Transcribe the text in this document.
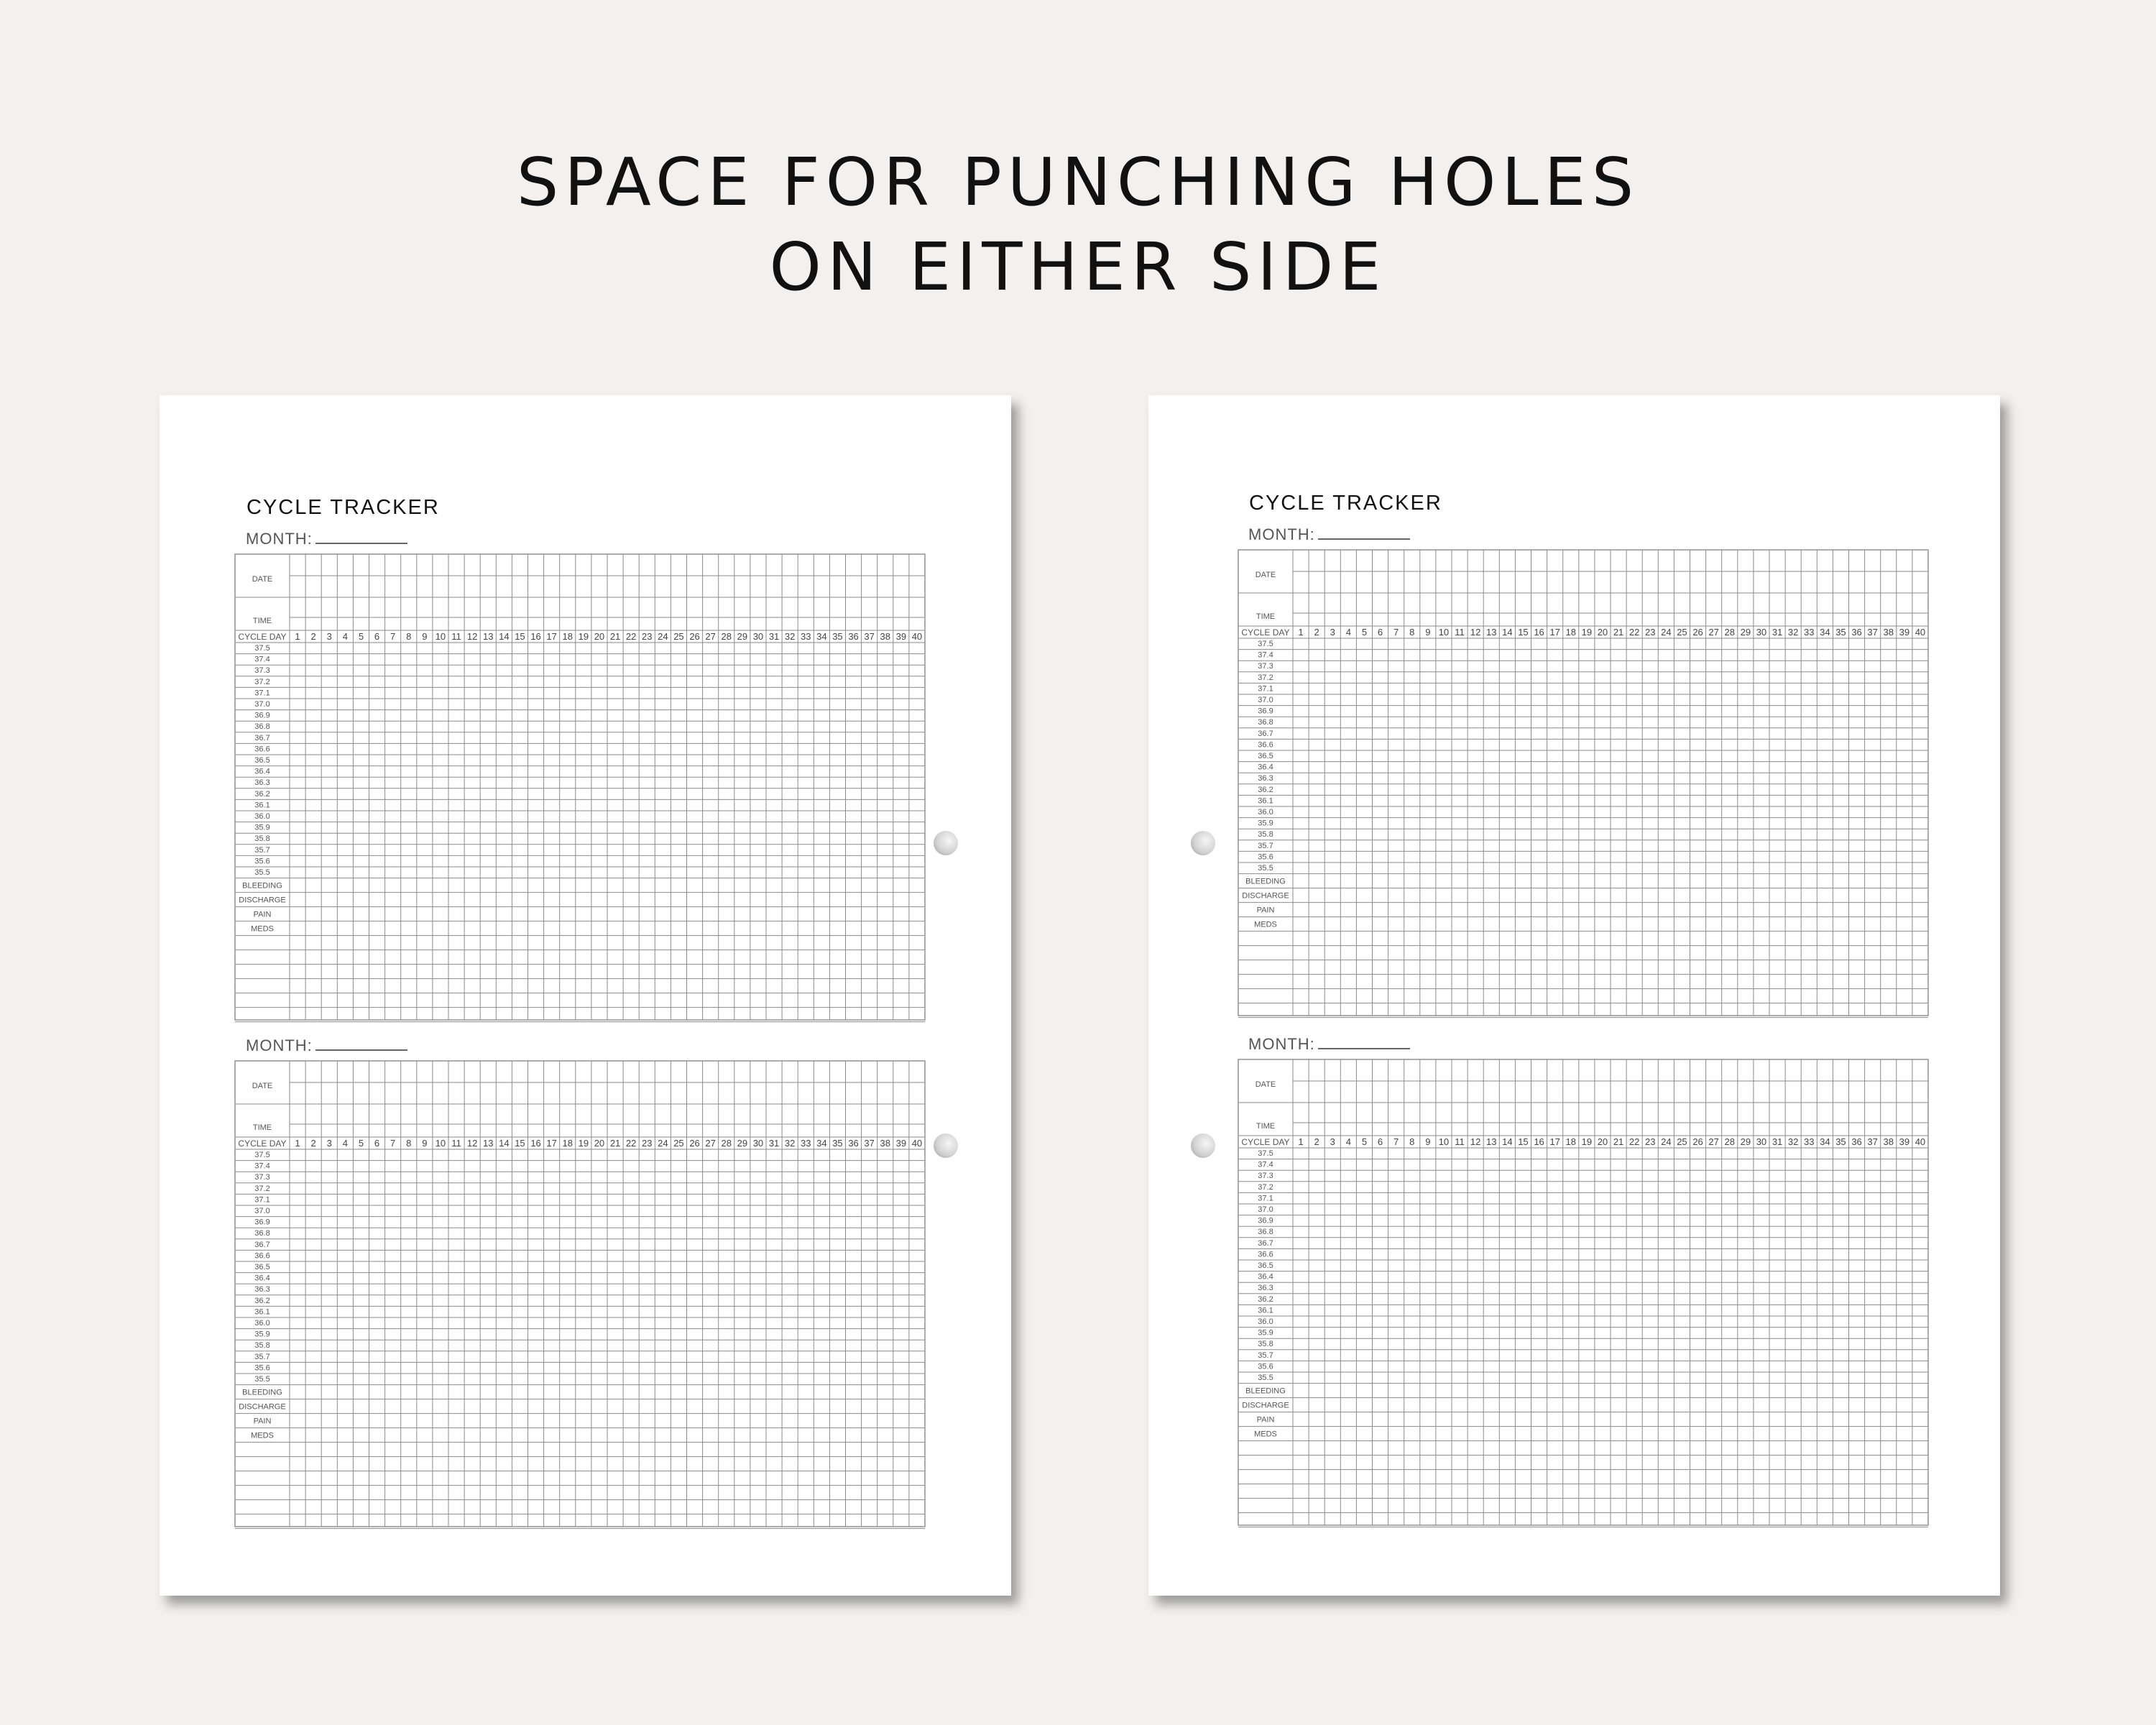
SPACE FOR PUNCHING HOLES
ON EITHER SIDE
CYCLE TRACKER
MONTH:
DATE
TIME
CYCLE DAY 1 2 3 4 5 6 7 8 9 10 11 12 13 14 15 16 17 18 19 20 21 22 23 24 25 26 27 28 29 30 31 32 33 34 35 36 37 38 39 40
37.5
37.4
37.3
37.2
37.1
37.0
36.9
36.8
36.7
36.6
36.5
36.4
36.3
36.2
36.1
36.0
35.9
35.8
35.7
35.6
35.5
BLEEDING
DISCHARGE
PAIN
MEDS
MONTH:
DATE
TIME
CYCLE DAY 1 2 3 4 5 6 7 8 9 10 11 12 13 14 15 16 17 18 19 20 21 22 23 24 25 26 27 28 29 30 31 32 33 34 35 36 37 38 39 40
37.5
37.4
37.3
37.2
37.1
37.0
36.9
36.8
36.7
36.6
36.5
36.4
36.3
36.2
36.1
36.0
35.9
35.8
35.7
35.6
35.5
BLEEDING
DISCHARGE
PAIN
MEDS
CYCLE TRACKER
MONTH:
DATE
TIME
CYCLE DAY 1 2 3 4 5 6 7 8 9 10 11 12 13 14 15 16 17 18 19 20 21 22 23 24 25 26 27 28 29 30 31 32 33 34 35 36 37 38 39 40
37.5
37.4
37.3
37.2
37.1
37.0
36.9
36.8
36.7
36.6
36.5
36.4
36.3
36.2
36.1
36.0
35.9
35.8
35.7
35.6
35.5
BLEEDING
DISCHARGE
PAIN
MEDS
MONTH:
DATE
TIME
CYCLE DAY 1 2 3 4 5 6 7 8 9 10 11 12 13 14 15 16 17 18 19 20 21 22 23 24 25 26 27 28 29 30 31 32 33 34 35 36 37 38 39 40
37.5
37.4
37.3
37.2
37.1
37.0
36.9
36.8
36.7
36.6
36.5
36.4
36.3
36.2
36.1
36.0
35.9
35.8
35.7
35.6
35.5
BLEEDING
DISCHARGE
PAIN
MEDS
